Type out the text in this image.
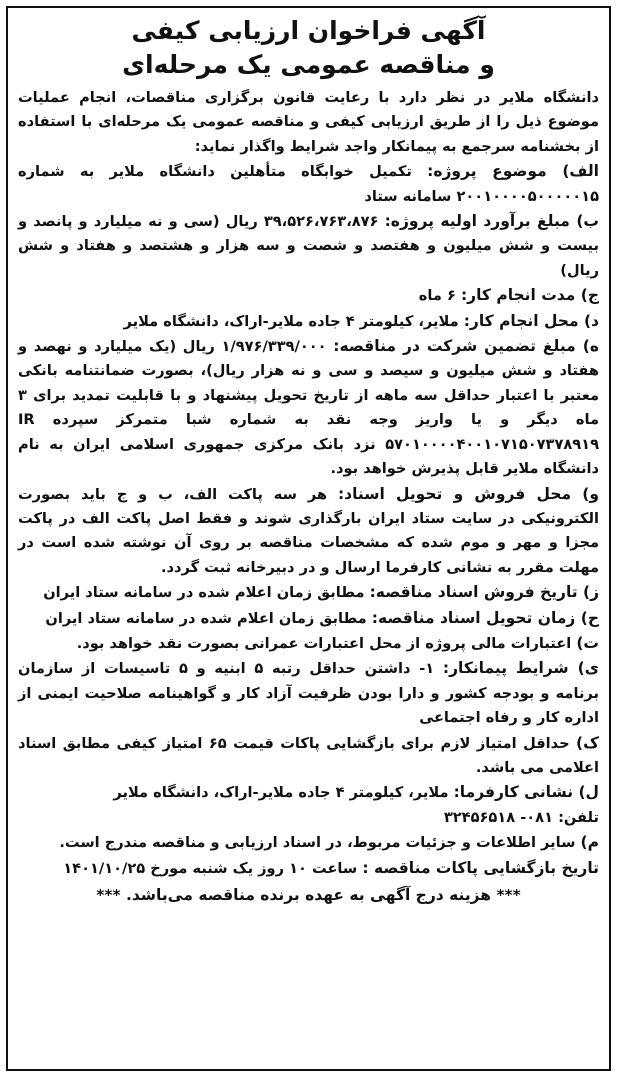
آگهی فراخوان ارزیابی کیفی
و مناقصه عمومی یک مرحله‌ای

دانشگاه ملایر در نظر دارد با رعایت قانون برگزاری مناقصات، انجام عملیات موضوع ذیل را از طریق ارزیابی کیفی و مناقصه عمومی یک مرحله‌ای با استفاده از بخشنامه سرجمع به پیمانکار واجد شرایط واگذار نماید:

الف) موضوع پروژه: تکمیل خوابگاه متأهلین دانشگاه ملایر به شماره ۲۰۰۱۰۰۰۰۵۰۰۰۰۰۱۵ سامانه ستاد

ب) مبلغ برآورد اولیه پروژه: ۳۹،۵۲۶،۷۶۳،۸۷۶ ریال (سی و نه میلیارد و پانصد و بیست و شش میلیون و هفتصد و شصت و سه هزار و هشتصد و هفتاد و شش ریال)

ج) مدت انجام کار: ۶ ماه

د) محل انجام کار: ملایر، کیلومتر ۴ جاده ملایر-اراک، دانشگاه ملایر

ه) مبلغ تضمین شرکت در مناقصه: ۱/۹۷۶/۳۳۹/۰۰۰ ریال (یک میلیارد و نهصد و هفتاد و شش میلیون و سیصد و سی و نه هزار ریال)، بصورت ضمانتنامه بانکی معتبر با اعتبار حداقل سه ماهه از تاریخ تحویل پیشنهاد و با قابلیت تمدید برای ۳ ماه دیگر و یا واریز وجه نقد به شماره شبا متمرکز سپرده IR ۵۷۰۱۰۰۰۰۴۰۰۱۰۷۱۵۰۷۳۷۸۹۱۹ نزد بانک مرکزی جمهوری اسلامی ایران به نام دانشگاه ملایر قابل پذیرش خواهد بود.

و) محل فروش و تحویل اسناد: هر سه پاکت الف، ب و ج باید بصورت الکترونیکی در سایت ستاد ایران بارگذاری شوند و فقط اصل پاکت الف در پاکت مجزا و مهر و موم شده که مشخصات مناقصه بر روی آن نوشته شده است در مهلت مقرر به نشانی کارفرما ارسال و در دبیرخانه ثبت گردد.

ز) تاریخ فروش اسناد مناقصه: مطابق زمان اعلام شده در سامانه ستاد ایران

ح) زمان تحویل اسناد مناقصه: مطابق زمان اعلام شده در سامانه ستاد ایران

ت) اعتبارات مالی پروژه از محل اعتبارات عمرانی بصورت نقد خواهد بود.

ی) شرایط پیمانکار: ۱- داشتن حداقل رتبه ۵ ابنیه و ۵ تاسیسات از سازمان برنامه و بودجه کشور و دارا بودن ظرفیت آزاد کار و گواهینامه صلاحیت ایمنی از اداره کار و رفاه اجتماعی

ک) حداقل امتیاز لازم برای بازگشایی پاکات قیمت ۶۵ امتیاز کیفی مطابق اسناد اعلامی می باشد.

ل) نشانی کارفرما: ملایر، کیلومتر ۴ جاده ملایر-اراک، دانشگاه ملایر

تلفن: ۰۸۱- ۳۲۴۵۶۵۱۸

م) سایر اطلاعات و جزئیات مربوط، در اسناد ارزیابی و مناقصه مندرج است.

تاریخ بازگشایی پاکات مناقصه : ساعت ۱۰ روز یک شنبه مورخ ۱۴۰۱/۱۰/۲۵

*** هزینه درج آگهی به عهده برنده مناقصه می‌باشد. ***
